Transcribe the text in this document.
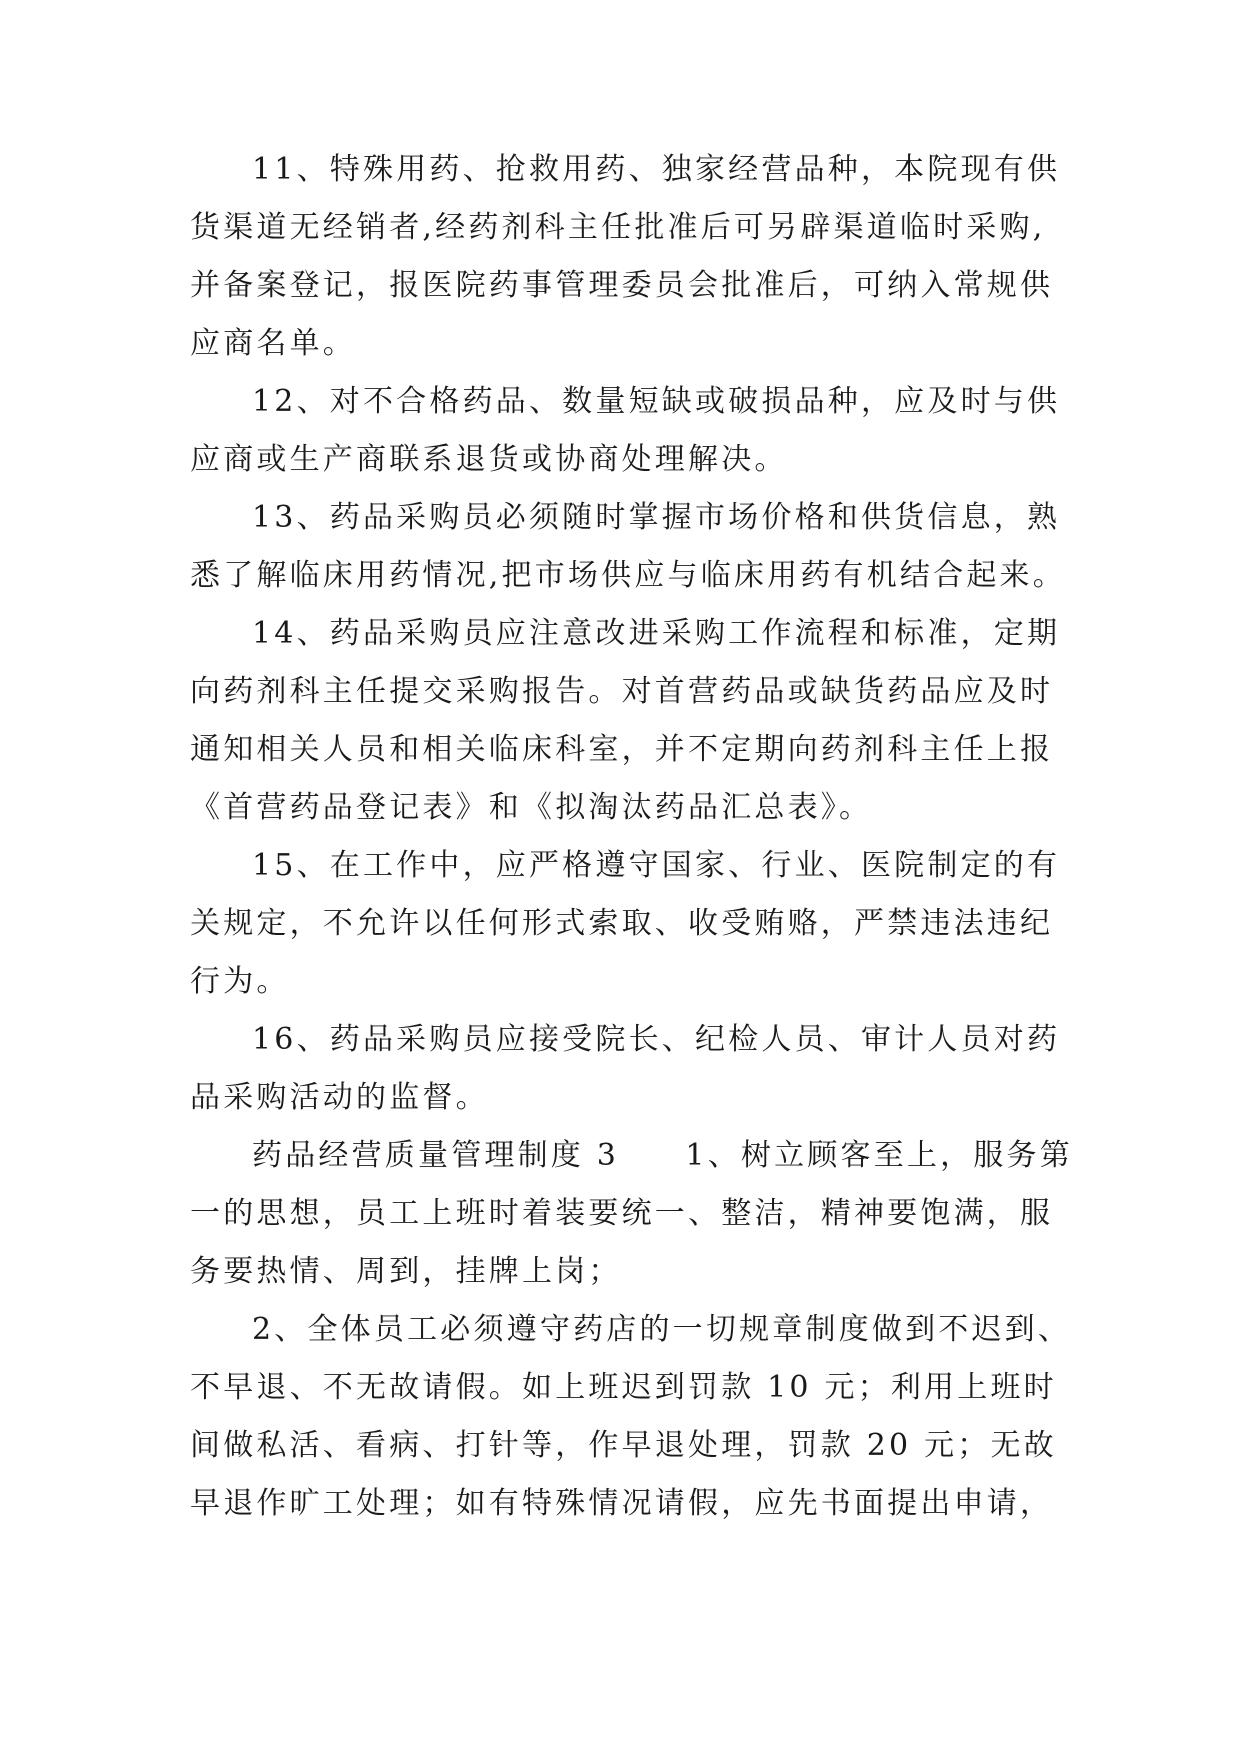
11、特殊用药、抢救用药、独家经营品种，本院现有供
货渠道无经销者,经药剂科主任批准后可另辟渠道临时采购,
并备案登记，报医院药事管理委员会批准后，可纳入常规供
应商名单。
12、对不合格药品、数量短缺或破损品种，应及时与供
应商或生产商联系退货或协商处理解决。
13、药品采购员必须随时掌握市场价格和供货信息，熟
悉了解临床用药情况,把市场供应与临床用药有机结合起来。
14、药品采购员应注意改进采购工作流程和标准，定期
向药剂科主任提交采购报告。对首营药品或缺货药品应及时
通知相关人员和相关临床科室，并不定期向药剂科主任上报
《首营药品登记表》和《拟淘汰药品汇总表》。
15、在工作中，应严格遵守国家、行业、医院制定的有
关规定，不允许以任何形式索取、收受贿赂，严禁违法违纪
行为。
16、药品采购员应接受院长、纪检人员、审计人员对药
品采购活动的监督。
药品经营质量管理制度 3　　1、树立顾客至上，服务第
一的思想，员工上班时着装要统一、整洁，精神要饱满，服
务要热情、周到，挂牌上岗；
2、全体员工必须遵守药店的一切规章制度做到不迟到、
不早退、不无故请假。如上班迟到罚款 10 元；利用上班时
间做私活、看病、打针等，作早退处理，罚款 20 元；无故
早退作旷工处理；如有特殊情况请假，应先书面提出申请，
